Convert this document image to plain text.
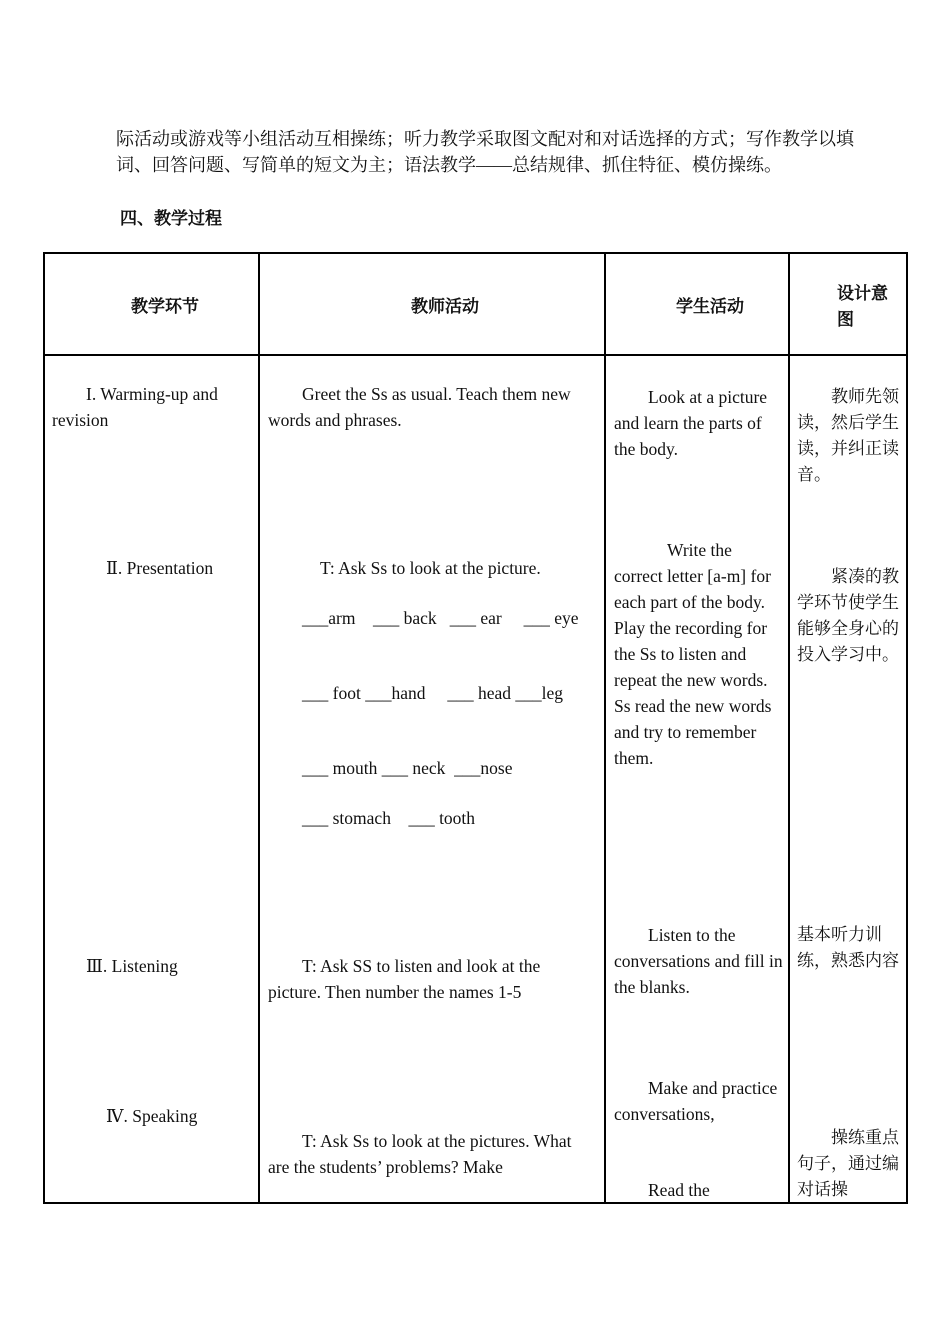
际活动或游戏等小组活动互相操练；听力教学采取图文配对和对话选择的方式；写作教学以填词、回答问题、写简单的短文为主；语法教学——总结规律、抓住特征、模仿操练。

四、教学过程

教学环节	教师活动	学生活动
设计意图
I. Warming-up and revision
Ⅱ. Presentation
Ⅲ. Listening
Ⅳ. Speaking
Greet the Ss as usual. Teach them new words and phrases.
T: Ask Ss to look at the picture.
___arm    ___ back   ___ ear     ___ eye
___ foot ___hand     ___ head ___leg
___ mouth ___ neck  ___nose
___ stomach    ___ tooth
T: Ask SS to listen and look at the picture. Then number the names 1-5
T: Ask Ss to look at the pictures. What are the students’ problems? Make
Look at a picture and learn the parts of the body.
Write the correct letter [a-m] for each part of the body. Play the recording for the Ss to listen and repeat the new words. Ss read the new words and try to remember them.
Listen to the conversations and fill in the blanks.
Make and practice conversations,
Read the
教师先领读，然后学生读，并纠正读音。
紧凑的教学环节使学生能够全身心的投入学习中。
基本听力训练，熟悉内容
操练重点句子，通过编对话操
